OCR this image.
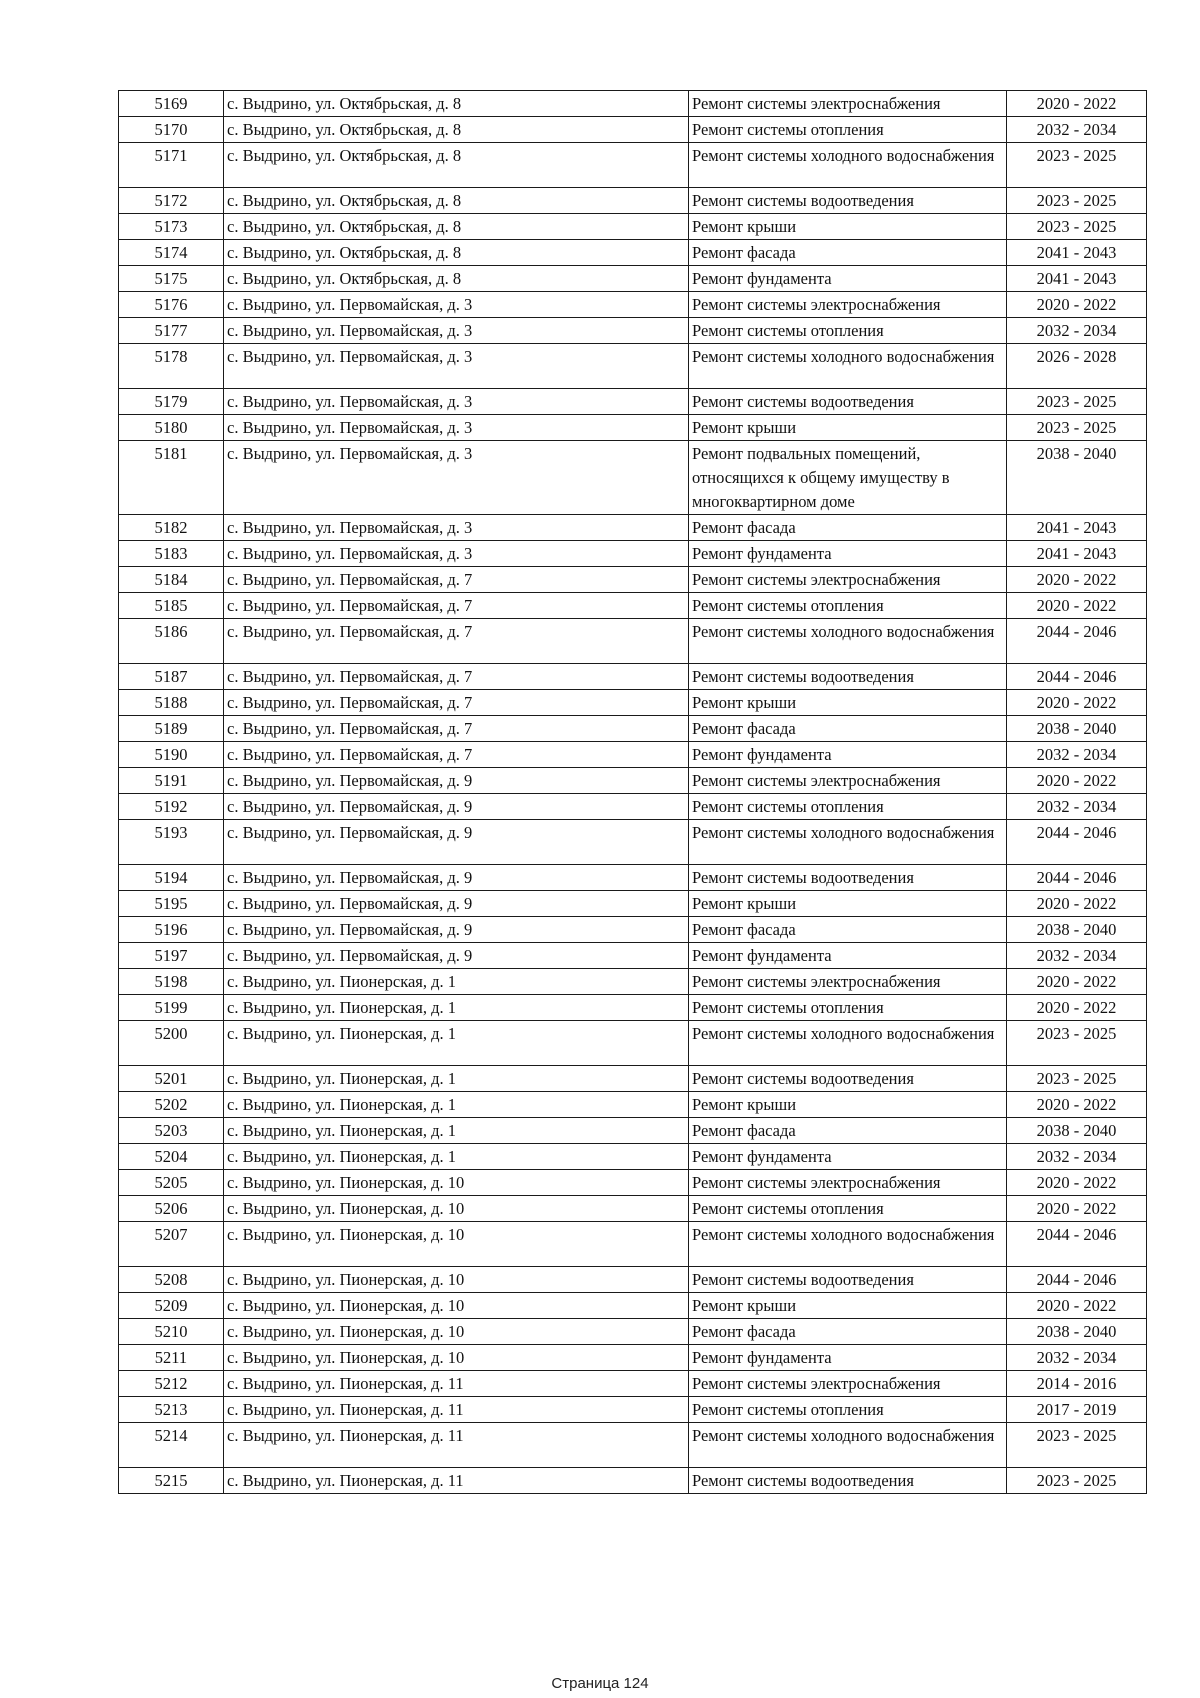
5169	с. Выдрино, ул. Октябрьская, д. 8	Ремонт системы электроснабжения	2020 - 2022
5170	с. Выдрино, ул. Октябрьская, д. 8	Ремонт системы отопления	2032 - 2034
5171	с. Выдрино, ул. Октябрьская, д. 8	Ремонт системы холодного водоснабжения	2023 - 2025
5172	с. Выдрино, ул. Октябрьская, д. 8	Ремонт системы водоотведения	2023 - 2025
5173	с. Выдрино, ул. Октябрьская, д. 8	Ремонт крыши	2023 - 2025
5174	с. Выдрино, ул. Октябрьская, д. 8	Ремонт фасада	2041 - 2043
5175	с. Выдрино, ул. Октябрьская, д. 8	Ремонт фундамента	2041 - 2043
5176	с. Выдрино, ул. Первомайская, д. 3	Ремонт системы электроснабжения	2020 - 2022
5177	с. Выдрино, ул. Первомайская, д. 3	Ремонт системы отопления	2032 - 2034
5178	с. Выдрино, ул. Первомайская, д. 3	Ремонт системы холодного водоснабжения	2026 - 2028
5179	с. Выдрино, ул. Первомайская, д. 3	Ремонт системы водоотведения	2023 - 2025
5180	с. Выдрино, ул. Первомайская, д. 3	Ремонт крыши	2023 - 2025
5181	с. Выдрино, ул. Первомайская, д. 3	Ремонт подвальных помещений, относящихся к общему имуществу в многоквартирном доме	2038 - 2040
5182	с. Выдрино, ул. Первомайская, д. 3	Ремонт фасада	2041 - 2043
5183	с. Выдрино, ул. Первомайская, д. 3	Ремонт фундамента	2041 - 2043
5184	с. Выдрино, ул. Первомайская, д. 7	Ремонт системы электроснабжения	2020 - 2022
5185	с. Выдрино, ул. Первомайская, д. 7	Ремонт системы отопления	2020 - 2022
5186	с. Выдрино, ул. Первомайская, д. 7	Ремонт системы холодного водоснабжения	2044 - 2046
5187	с. Выдрино, ул. Первомайская, д. 7	Ремонт системы водоотведения	2044 - 2046
5188	с. Выдрино, ул. Первомайская, д. 7	Ремонт крыши	2020 - 2022
5189	с. Выдрино, ул. Первомайская, д. 7	Ремонт фасада	2038 - 2040
5190	с. Выдрино, ул. Первомайская, д. 7	Ремонт фундамента	2032 - 2034
5191	с. Выдрино, ул. Первомайская, д. 9	Ремонт системы электроснабжения	2020 - 2022
5192	с. Выдрино, ул. Первомайская, д. 9	Ремонт системы отопления	2032 - 2034
5193	с. Выдрино, ул. Первомайская, д. 9	Ремонт системы холодного водоснабжения	2044 - 2046
5194	с. Выдрино, ул. Первомайская, д. 9	Ремонт системы водоотведения	2044 - 2046
5195	с. Выдрино, ул. Первомайская, д. 9	Ремонт крыши	2020 - 2022
5196	с. Выдрино, ул. Первомайская, д. 9	Ремонт фасада	2038 - 2040
5197	с. Выдрино, ул. Первомайская, д. 9	Ремонт фундамента	2032 - 2034
5198	с. Выдрино, ул. Пионерская, д. 1	Ремонт системы электроснабжения	2020 - 2022
5199	с. Выдрино, ул. Пионерская, д. 1	Ремонт системы отопления	2020 - 2022
5200	с. Выдрино, ул. Пионерская, д. 1	Ремонт системы холодного водоснабжения	2023 - 2025
5201	с. Выдрино, ул. Пионерская, д. 1	Ремонт системы водоотведения	2023 - 2025
5202	с. Выдрино, ул. Пионерская, д. 1	Ремонт крыши	2020 - 2022
5203	с. Выдрино, ул. Пионерская, д. 1	Ремонт фасада	2038 - 2040
5204	с. Выдрино, ул. Пионерская, д. 1	Ремонт фундамента	2032 - 2034
5205	с. Выдрино, ул. Пионерская, д. 10	Ремонт системы электроснабжения	2020 - 2022
5206	с. Выдрино, ул. Пионерская, д. 10	Ремонт системы отопления	2020 - 2022
5207	с. Выдрино, ул. Пионерская, д. 10	Ремонт системы холодного водоснабжения	2044 - 2046
5208	с. Выдрино, ул. Пионерская, д. 10	Ремонт системы водоотведения	2044 - 2046
5209	с. Выдрино, ул. Пионерская, д. 10	Ремонт крыши	2020 - 2022
5210	с. Выдрино, ул. Пионерская, д. 10	Ремонт фасада	2038 - 2040
5211	с. Выдрино, ул. Пионерская, д. 10	Ремонт фундамента	2032 - 2034
5212	с. Выдрино, ул. Пионерская, д. 11	Ремонт системы электроснабжения	2014 - 2016
5213	с. Выдрино, ул. Пионерская, д. 11	Ремонт системы отопления	2017 - 2019
5214	с. Выдрино, ул. Пионерская, д. 11	Ремонт системы холодного водоснабжения	2023 - 2025
5215	с. Выдрино, ул. Пионерская, д. 11	Ремонт системы водоотведения	2023 - 2025
Страница 124
